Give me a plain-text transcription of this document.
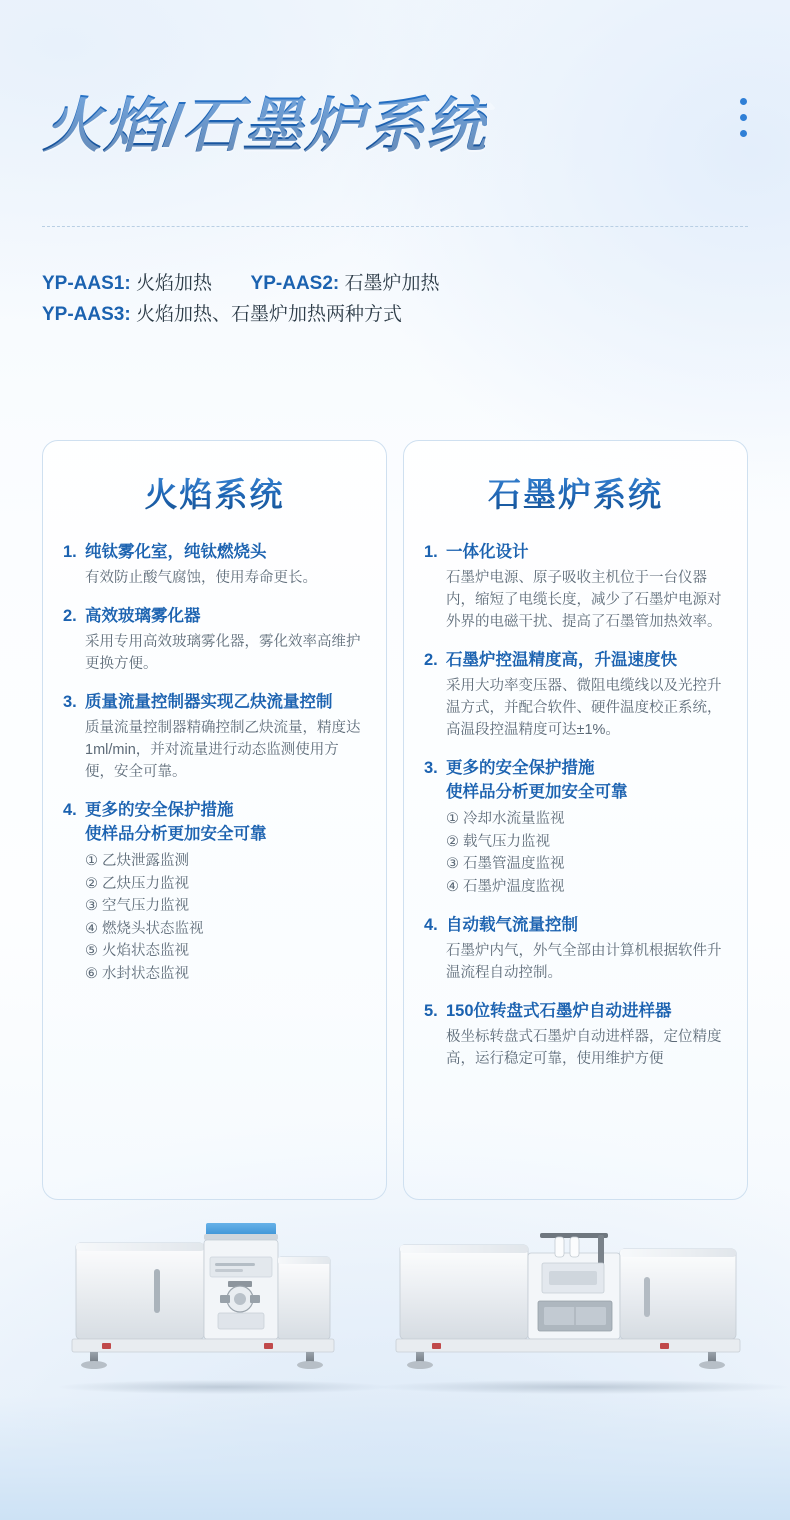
火焰/石墨炉系统
YP-AAS1: 火焰加热 YP-AAS2: 石墨炉加热
YP-AAS3: 火焰加热、石墨炉加热两种方式
火焰系统
1. 纯钛雾化室，纯钛燃烧头
有效防止酸气腐蚀，使用寿命更长。
2. 高效玻璃雾化器
采用专用高效玻璃雾化器，雾化效率高维护更换方便。
3. 质量流量控制器实现乙炔流量控制
质量流量控制器精确控制乙炔流量，精度达 1ml/min，并对流量进行动态监测使用方便，安全可靠。
4. 更多的安全保护措施
使样品分析更加安全可靠
① 乙炔泄露监测
② 乙炔压力监视
③ 空气压力监视
④ 燃烧头状态监视
⑤ 火焰状态监视
⑥ 水封状态监视
石墨炉系统
1. 一体化设计
石墨炉电源、原子吸收主机位于一台仪器内，缩短了电缆长度，减少了石墨炉电源对外界的电磁干扰、提高了石墨管加热效率。
2. 石墨炉控温精度高，升温速度快
采用大功率变压器、微阻电缆线以及光控升温方式，并配合软件、硬件温度校正系统，高温段控温精度可达±1%。
3. 更多的安全保护措施
使样品分析更加安全可靠
① 冷却水流量监视
② 载气压力监视
③ 石墨管温度监视
④ 石墨炉温度监视
4. 自动载气流量控制
石墨炉内气，外气全部由计算机根据软件升温流程自动控制。
5. 150位转盘式石墨炉自动进样器
极坐标转盘式石墨炉自动进样器，定位精度高，运行稳定可靠，使用维护方便
